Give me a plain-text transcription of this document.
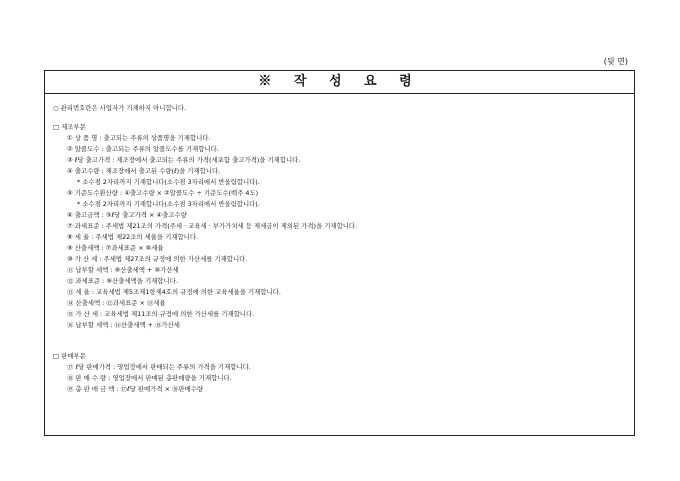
(뒷 면)
※ 작 성 요 령
○ 관리번호란은 사업자가 기재하지 아니합니다.
□ 제조부문
① 상 품 명 : 출고되는 주류의 상품명을 기재합니다.
② 알콜도수 : 출고되는 주류의 알콜도수를 기재합니다.
③ ℓ당 출고가격 : 제조장에서 출고되는 주류의 가격(세포함 출고가격)을 기재합니다.
④ 출고수량 : 제조장에서 출고된 수량(ℓ)을 기재합니다.
* 소수점 2자리까지 기재합니다(소수점 3자리에서 반올림합니다).
⑤ 기준도수환산량 : ④출고수량 × ②알콜도수 ÷ 기준도수(백주 4도)
* 소수점 2자리까지 기재합니다(소수점 3자리에서 반올림합니다).
⑥ 출고금액 : ③ℓ당 출고가격 × ④출고수량
⑦ 과세표준 : 주세법 제21조의 가격(주세 · 교육세 · 부가가치세 등 제세금이 제외된 가격)을 기재합니다.
⑧ 세 율 : 주세법 제22조의 세율을 기재합니다.
⑨ 산출세액 : ⑦과세표준 × ⑧세율
⑩ 가 산 세 : 주세법 제27조의 규정에 의한 가산세를 기재합니다.
⑪ 납부할 세액 : ⑨산출세액 + ⑩가산세
⑫ 과세표준 : ⑨산출세액을 기재합니다.
⑬ 세 율 : 교육세법 제5조제1항제4호의 규정에 의한 교육세율을 기재합니다.
⑭ 산출세액 : ⑫과세표준 × ⑬세율
⑮ 가 산 세 : 교육세법 제11조의 규정에 의한 가산세를 기재합니다.
⑯ 납부할 세액 : ⑭산출세액 + ⑮가산세
□ 판매부문
⑰ ℓ당 판매가격 : 영업장에서 판매되는 주류의 가격을 기재합니다.
⑱ 판 매 수 량 : 영업장에서 판매된 총판매량을 기재합니다.
⑲ 총 판 매 금 액 : ⑰ℓ당 판매가격 × ⑱판매수량
